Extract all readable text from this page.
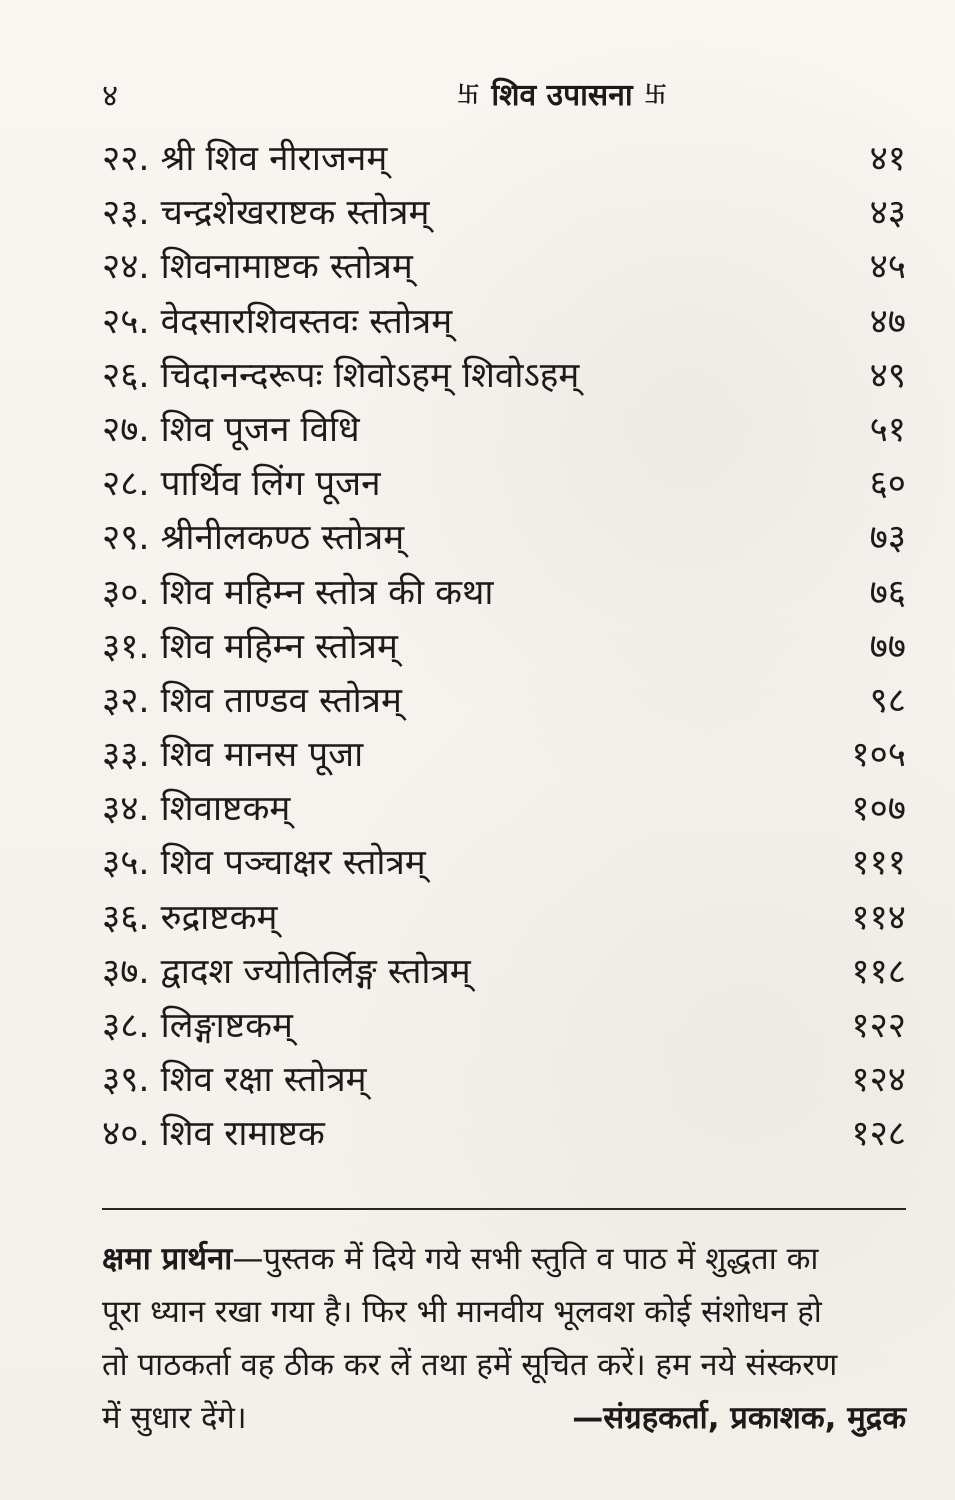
४	卐 शिव उपासना 卐
२२. श्री शिव नीराजनम्	४१
२३. चन्द्रशेखराष्टक स्तोत्रम्	४३
२४. शिवनामाष्टक स्तोत्रम्	४५
२५. वेदसारशिवस्तवः स्तोत्रम्	४७
२६. चिदानन्दरूपः शिवोऽहम् शिवोऽहम्	४९
२७. शिव पूजन विधि	५१
२८. पार्थिव लिंग पूजन	६०
२९. श्रीनीलकण्ठ स्तोत्रम्	७३
३०. शिव महिम्न स्तोत्र की कथा	७६
३१. शिव महिम्न स्तोत्रम्	७७
३२. शिव ताण्डव स्तोत्रम्	९८
३३. शिव मानस पूजा	१०५
३४. शिवाष्टकम्	१०७
३५. शिव पञ्चाक्षर स्तोत्रम्	१११
३६. रुद्राष्टकम्	११४
३७. द्वादश ज्योतिर्लिङ्ग स्तोत्रम्	११८
३८. लिङ्गाष्टकम्	१२२
३९. शिव रक्षा स्तोत्रम्	१२४
४०. शिव रामाष्टक	१२८
क्षमा प्रार्थना—पुस्तक में दिये गये सभी स्तुति व पाठ में शुद्धता का
पूरा ध्यान रखा गया है। फिर भी मानवीय भूलवश कोई संशोधन हो
तो पाठकर्ता वह ठीक कर लें तथा हमें सूचित करें। हम नये संस्करण
में सुधार देंगे।	—संग्रहकर्ता, प्रकाशक, मुद्रक
